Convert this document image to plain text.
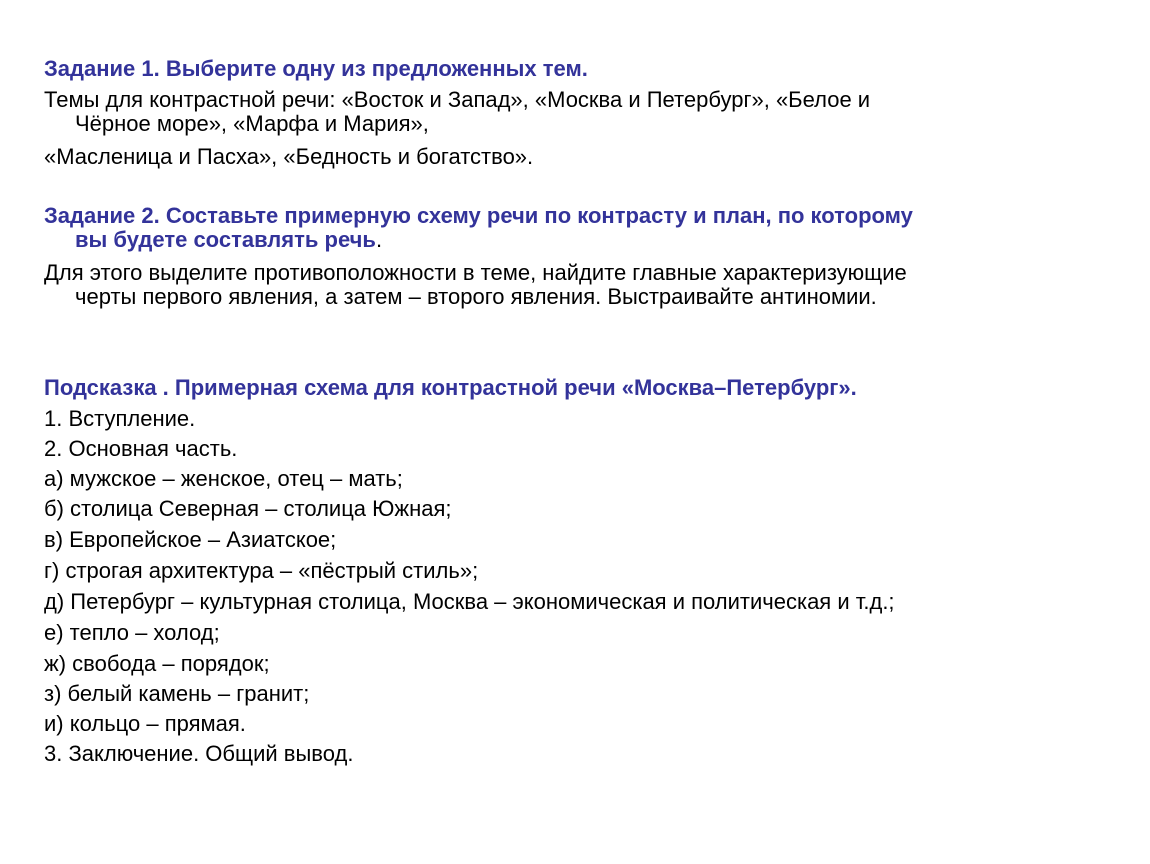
Задание 1. Выберите одну из предложенных тем.
Темы для контрастной речи: «Восток и Запад», «Москва и Петербург», «Белое и
Чёрное море», «Марфа и Мария»,
«Масленица и Пасха», «Бедность и богатство».
Задание 2. Составьте примерную схему речи по контрасту и план, по которому
вы будете составлять речь.
Для этого выделите противоположности в теме, найдите главные характеризующие
черты первого явления, а затем – второго явления. Выстраивайте антиномии.
Подсказка . Примерная схема для контрастной речи «Москва–Петербург».
1. Вступление.
2. Основная часть.
а) мужское – женское, отец – мать;
б) столица Северная – столица Южная;
в) Европейское – Азиатское;
г) строгая архитектура – «пёстрый стиль»;
д) Петербург – культурная столица, Москва – экономическая и политическая и т.д.;
е) тепло – холод;
ж) свобода – порядок;
з) белый камень – гранит;
и) кольцо – прямая.
3. Заключение. Общий вывод.
